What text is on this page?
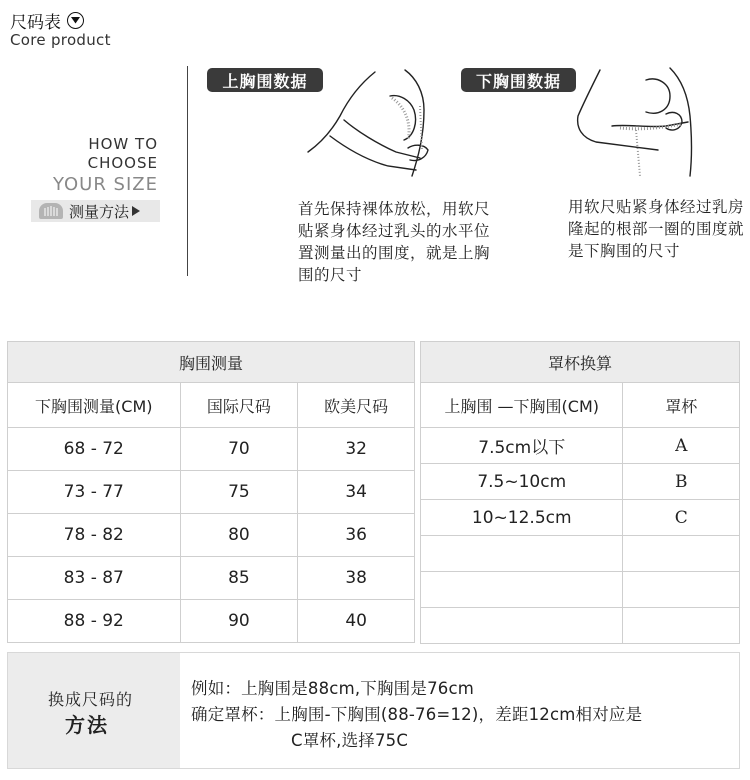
尺码表
Core product
HOW TO
CHOOSE
YOUR SIZE
测量方法
上胸围数据
首先保持裸体放松，用软尺贴紧身体经过乳头的水平位置测量出的围度，就是上胸围的尺寸
下胸围数据
用软尺贴紧身体经过乳房隆起的根部一圈的围度就是下胸围的尺寸
胸围测量		
下胸围测量(CM)	国际尺码	欧美尺码
68 - 72	70	32
73 - 77	75	34
78 - 82	80	36
83 - 87	85	38
88 - 92	90	40
罩杯换算	
上胸围 —下胸围(CM)	罩杯
7.5cm以下	A
7.5~10cm	B
10~12.5cm	C

换成尺码的
方法
例如：上胸围是88cm,下胸围是76cm
确定罩杯：上胸围-下胸围(88-76=12)，差距12cm相对应是
C罩杯,选择75C
